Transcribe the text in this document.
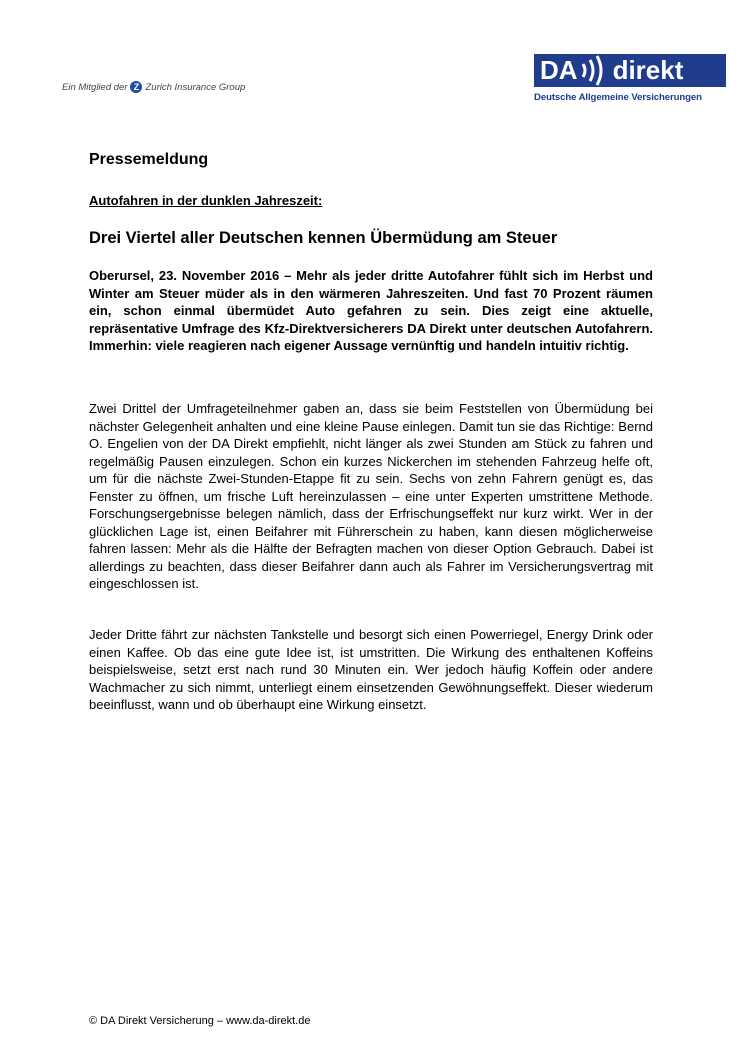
Ein Mitglied der Z Zurich Insurance Group
DA direkt
Deutsche Allgemeine Versicherungen
Pressemeldung
Autofahren in der dunklen Jahreszeit:
Drei Viertel aller Deutschen kennen Übermüdung am Steuer
Oberursel, 23. November 2016 – Mehr als jeder dritte Autofahrer fühlt sich im Herbst und Winter am Steuer müder als in den wärmeren Jahreszeiten. Und fast 70 Prozent räumen ein, schon einmal übermüdet Auto gefahren zu sein. Dies zeigt eine aktuelle, repräsentative Umfrage des Kfz-Direktversicherers DA Direkt unter deutschen Autofahrern. Immerhin: viele reagieren nach eigener Aussage vernünftig und handeln intuitiv richtig.
Zwei Drittel der Umfrageteilnehmer gaben an, dass sie beim Feststellen von Übermüdung bei nächster Gelegenheit anhalten und eine kleine Pause einlegen. Damit tun sie das Richtige: Bernd O. Engelien von der DA Direkt empfiehlt, nicht länger als zwei Stunden am Stück zu fahren und regelmäßig Pausen einzulegen. Schon ein kurzes Nickerchen im stehenden Fahrzeug helfe oft, um für die nächste Zwei-Stunden-Etappe fit zu sein. Sechs von zehn Fahrern genügt es, das Fenster zu öffnen, um frische Luft hereinzulassen – eine unter Experten umstrittene Methode. Forschungsergebnisse belegen nämlich, dass der Erfrischungseffekt nur kurz wirkt. Wer in der glücklichen Lage ist, einen Beifahrer mit Führerschein zu haben, kann diesen möglicherweise fahren lassen: Mehr als die Hälfte der Befragten machen von dieser Option Gebrauch. Dabei ist allerdings zu beachten, dass dieser Beifahrer dann auch als Fahrer im Versicherungsvertrag mit eingeschlossen ist.
Jeder Dritte fährt zur nächsten Tankstelle und besorgt sich einen Powerriegel, Energy Drink oder einen Kaffee. Ob das eine gute Idee ist, ist umstritten. Die Wirkung des enthaltenen Koffeins beispielsweise, setzt erst nach rund 30 Minuten ein. Wer jedoch häufig Koffein oder andere Wachmacher zu sich nimmt, unterliegt einem einsetzenden Gewöhnungseffekt. Dieser wiederum beeinflusst, wann und ob überhaupt eine Wirkung einsetzt.
© DA Direkt Versicherung – www.da-direkt.de
